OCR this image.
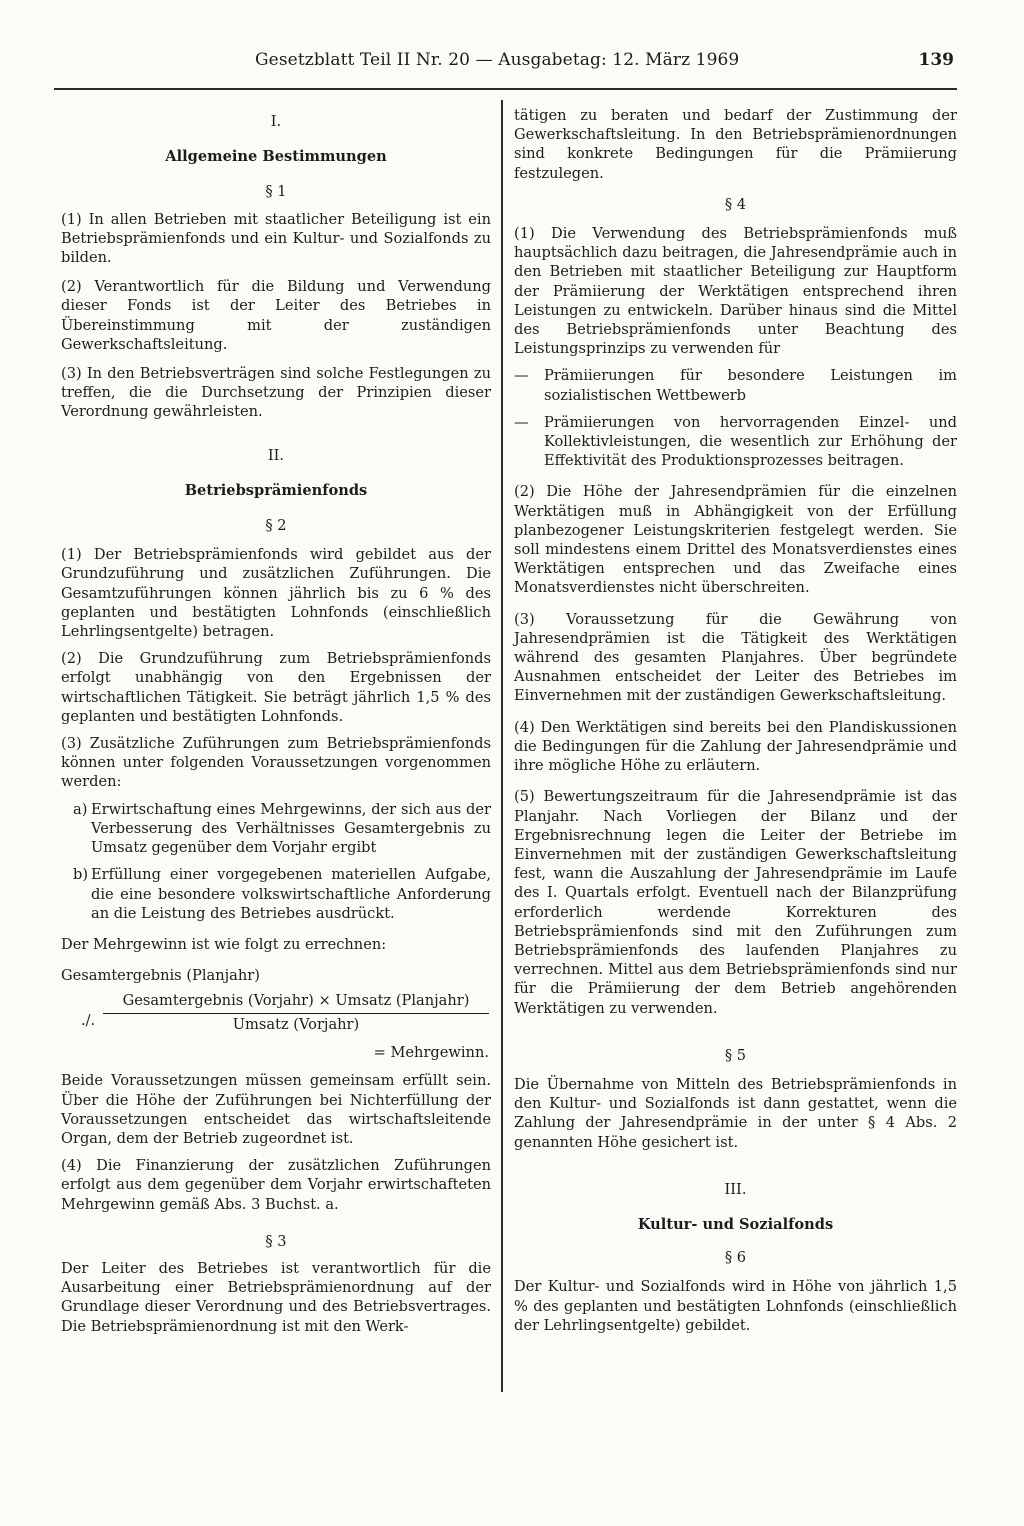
Gesetzblatt Teil II Nr. 20 — Ausgabetag: 12. März 1969	139
I.
Allgemeine Bestimmungen
§ 1

(1) In allen Betrieben mit staatlicher Beteiligung ist ein Betriebsprämienfonds und ein Kultur- und Sozialfonds zu bilden.

(2) Verantwortlich für die Bildung und Verwendung dieser Fonds ist der Leiter des Betriebes in Übereinstimmung mit der zuständigen Gewerkschaftsleitung.

(3) In den Betriebsverträgen sind solche Festlegungen zu treffen, die die Durchsetzung der Prinzipien dieser Verordnung gewährleisten.

II.
Betriebsprämienfonds
§ 2

(1) Der Betriebsprämienfonds wird gebildet aus der Grundzuführung und zusätzlichen Zuführungen. Die Gesamtzuführungen können jährlich bis zu 6 % des geplanten und bestätigten Lohnfonds (einschließlich Lehrlingsentgelte) betragen.

(2) Die Grundzuführung zum Betriebsprämienfonds erfolgt unabhängig von den Ergebnissen der wirtschaftlichen Tätigkeit. Sie beträgt jährlich 1,5 % des geplanten und bestätigten Lohnfonds.

(3) Zusätzliche Zuführungen zum Betriebsprämienfonds können unter folgenden Voraussetzungen vorgenommen werden:

a) Erwirtschaftung eines Mehrgewinns, der sich aus der Verbesserung des Verhältnisses Gesamtergebnis zu Umsatz gegenüber dem Vorjahr ergibt
b) Erfüllung einer vorgegebenen materiellen Aufgabe, die eine besondere volkswirtschaftliche Anforderung an die Leistung des Betriebes ausdrückt.

Der Mehrgewinn ist wie folgt zu errechnen:

Gesamtergebnis (Planjahr)

./.
Gesamtergebnis (Vorjahr) × Umsatz (Planjahr)
Umsatz (Vorjahr)
= Mehrgewinn.

Beide Voraussetzungen müssen gemeinsam erfüllt sein. Über die Höhe der Zuführungen bei Nichterfüllung der Voraussetzungen entscheidet das wirtschaftsleitende Organ, dem der Betrieb zugeordnet ist.

(4) Die Finanzierung der zusätzlichen Zuführungen erfolgt aus dem gegenüber dem Vorjahr erwirtschafteten Mehrgewinn gemäß Abs. 3 Buchst. a.

§ 3

Der Leiter des Betriebes ist verantwortlich für die Ausarbeitung einer Betriebsprämienordnung auf der Grundlage dieser Verordnung und des Betriebsvertrages. Die Betriebsprämienordnung ist mit den Werk-

tätigen zu beraten und bedarf der Zustimmung der Gewerkschaftsleitung. In den Betriebsprämienordnungen sind konkrete Bedingungen für die Prämiierung festzulegen.

§ 4

(1) Die Verwendung des Betriebsprämienfonds muß hauptsächlich dazu beitragen, die Jahresendprämie auch in den Betrieben mit staatlicher Beteiligung zur Hauptform der Prämiierung der Werktätigen entsprechend ihren Leistungen zu entwickeln. Darüber hinaus sind die Mittel des Betriebsprämienfonds unter Beachtung des Leistungsprinzips zu verwenden für

— Prämiierungen für besondere Leistungen im sozialistischen Wettbewerb
— Prämiierungen von hervorragenden Einzel- und Kollektivleistungen, die wesentlich zur Erhöhung der Effektivität des Produktionsprozesses beitragen.

(2) Die Höhe der Jahresendprämien für die einzelnen Werktätigen muß in Abhängigkeit von der Erfüllung planbezogener Leistungskriterien festgelegt werden. Sie soll mindestens einem Drittel des Monatsverdienstes eines Werktätigen entsprechen und das Zweifache eines Monatsverdienstes nicht überschreiten.

(3) Voraussetzung für die Gewährung von Jahresendprämien ist die Tätigkeit des Werktätigen während des gesamten Planjahres. Über begründete Ausnahmen entscheidet der Leiter des Betriebes im Einvernehmen mit der zuständigen Gewerkschaftsleitung.

(4) Den Werktätigen sind bereits bei den Plandiskussionen die Bedingungen für die Zahlung der Jahresendprämie und ihre mögliche Höhe zu erläutern.

(5) Bewertungszeitraum für die Jahresendprämie ist das Planjahr. Nach Vorliegen der Bilanz und der Ergebnisrechnung legen die Leiter der Betriebe im Einvernehmen mit der zuständigen Gewerkschaftsleitung fest, wann die Auszahlung der Jahresendprämie im Laufe des I. Quartals erfolgt. Eventuell nach der Bilanzprüfung erforderlich werdende Korrekturen des Betriebsprämienfonds sind mit den Zuführungen zum Betriebsprämienfonds des laufenden Planjahres zu verrechnen. Mittel aus dem Betriebsprämienfonds sind nur für die Prämiierung der dem Betrieb angehörenden Werktätigen zu verwenden.

§ 5

Die Übernahme von Mitteln des Betriebsprämienfonds in den Kultur- und Sozialfonds ist dann gestattet, wenn die Zahlung der Jahresendprämie in der unter § 4 Abs. 2 genannten Höhe gesichert ist.

III.
Kultur- und Sozialfonds
§ 6

Der Kultur- und Sozialfonds wird in Höhe von jährlich 1,5 % des geplanten und bestätigten Lohnfonds (einschließlich der Lehrlingsentgelte) gebildet.
